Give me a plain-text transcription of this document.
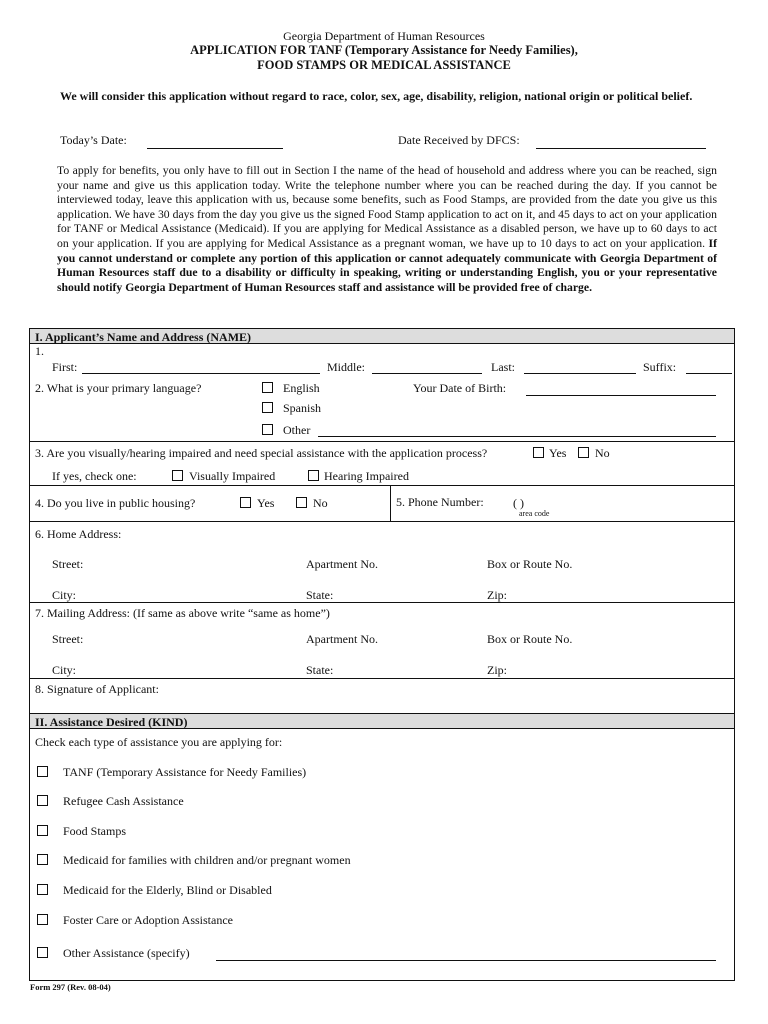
Georgia Department of Human Resources
APPLICATION FOR TANF (Temporary Assistance for Needy Families),
FOOD STAMPS OR MEDICAL ASSISTANCE
We will consider this application without regard to race, color, sex, age, disability, religion, national origin or political belief.
Today’s Date:	Date Received by DFCS:
To apply for benefits, you only have to fill out in Section I the name of the head of household and address where you can be reached, sign your name and give us this application today. Write the telephone number where you can be reached during the day. If you cannot be interviewed today, leave this application with us, because some benefits, such as Food Stamps, are provided from the date you give us this application. We have 30 days from the day you give us the signed Food Stamp application to act on it, and 45 days to act on your application for TANF or Medical Assistance (Medicaid). If you are applying for Medical Assistance as a disabled person, we have up to 60 days to act on your application. If you are applying for Medical Assistance as a pregnant woman, we have up to 10 days to act on your application. If you cannot understand or complete any portion of this application or cannot adequately communicate with Georgia Department of Human Resources staff due to a disability or difficulty in speaking, writing or understanding English, you or your representative should notify Georgia Department of Human Resources staff and assistance will be provided free of charge.
I. Applicant’s Name and Address (NAME)
1.
First:	Middle:	Last:	Suffix:
2. What is your primary language?	English
Spanish
Other
Your Date of Birth:
3. Are you visually/hearing impaired and need special assistance with the application process?	Yes No
If yes, check one:	Visually Impaired	Hearing Impaired
4. Do you live in public housing?	Yes	No	5. Phone Number: ( )
area code
6. Home Address:
Street:	Apartment No.	Box or Route No.
City:	State:	Zip:
7. Mailing Address: (If same as above write “same as home”)
Street:	Apartment No.	Box or Route No.
City:	State:	Zip:
8. Signature of Applicant:
II. Assistance Desired (KIND)
Check each type of assistance you are applying for:
TANF (Temporary Assistance for Needy Families)
Refugee Cash Assistance
Food Stamps
Medicaid for families with children and/or pregnant women
Medicaid for the Elderly, Blind or Disabled
Foster Care or Adoption Assistance
Other Assistance (specify)
Form 297 (Rev. 08-04)
